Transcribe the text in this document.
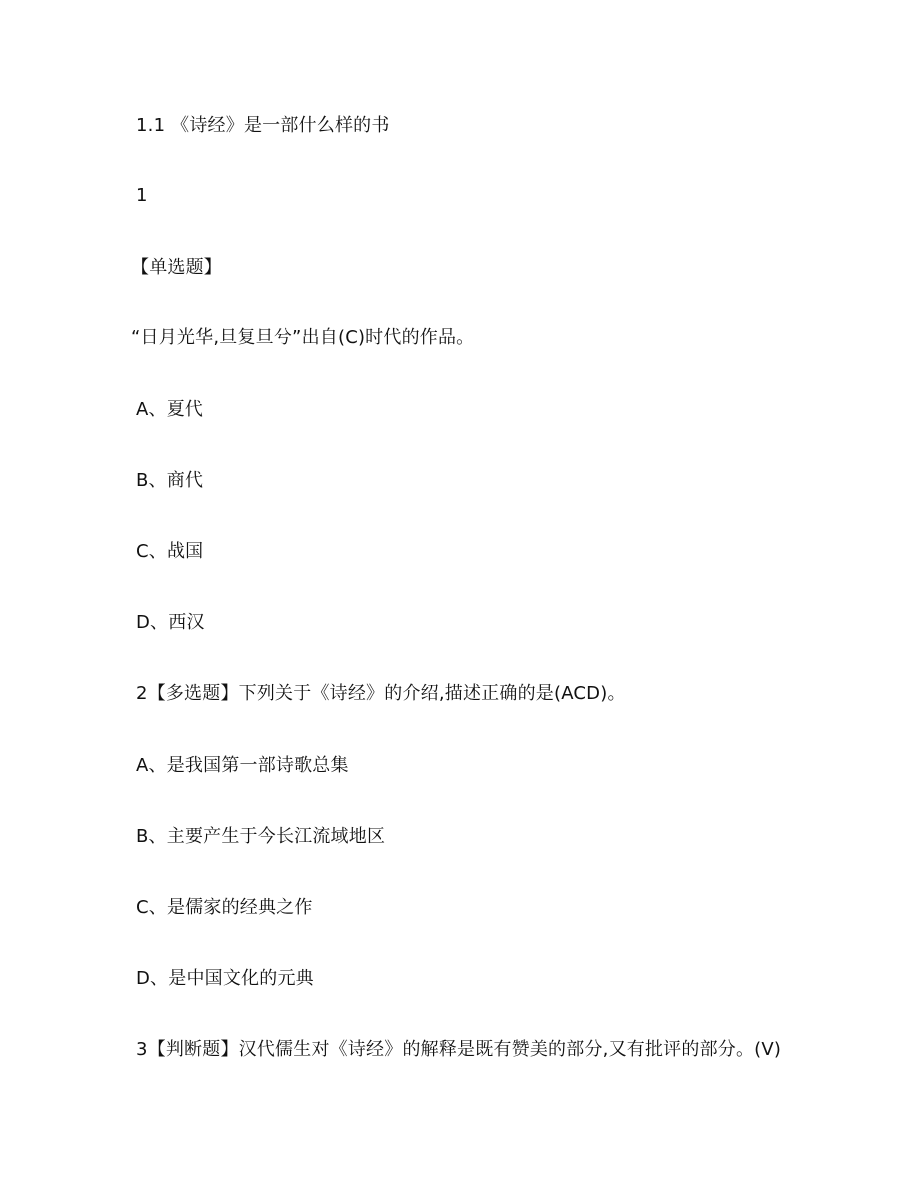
1.1 《诗经》是一部什么样的书
1
【单选题】
“日月光华,旦复旦兮”出自(C)时代的作品。
A、夏代
B、商代
C、战国
D、西汉
2【多选题】下列关于《诗经》的介绍,描述正确的是(ACD)。
A、是我国第一部诗歌总集
B、主要产生于今长江流域地区
C、是儒家的经典之作
D、是中国文化的元典
3【判断题】汉代儒生对《诗经》的解释是既有赞美的部分,又有批评的部分。(V)
